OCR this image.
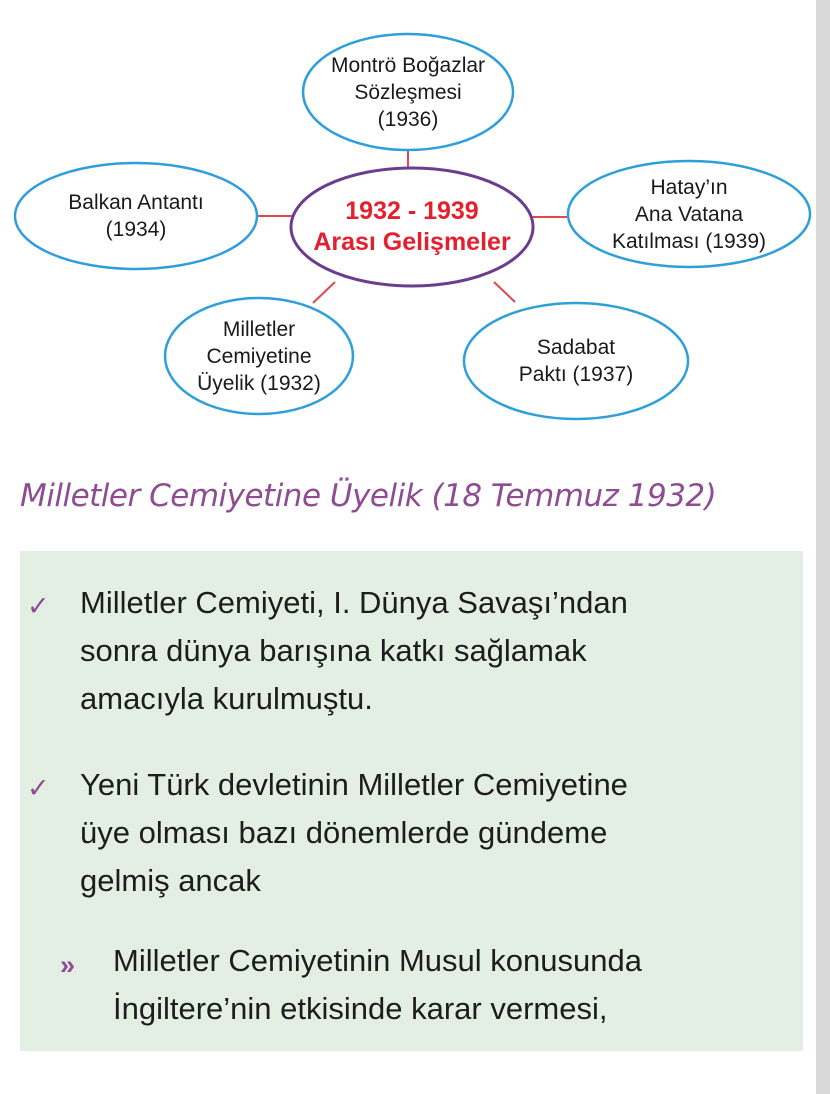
Montrö Boğazlar
Sözleşmesi
(1936)
Balkan Antantı
(1934)
Hatay’ın
Ana Vatana
Katılması (1939)
Milletler
Cemiyetine
Üyelik (1932)
Sadabat
Paktı (1937)
1932 - 1939
Arası Gelişmeler
Milletler Cemiyetine Üyelik (18 Temmuz 1932)
✓ Milletler Cemiyeti, I. Dünya Savaşı’ndan
sonra dünya barışına katkı sağlamak
amacıyla kurulmuştu.
✓ Yeni Türk devletinin Milletler Cemiyetine
üye olması bazı dönemlerde gündeme
gelmiş ancak
» Milletler Cemiyetinin Musul konusunda
İngiltere’nin etkisinde karar vermesi,
